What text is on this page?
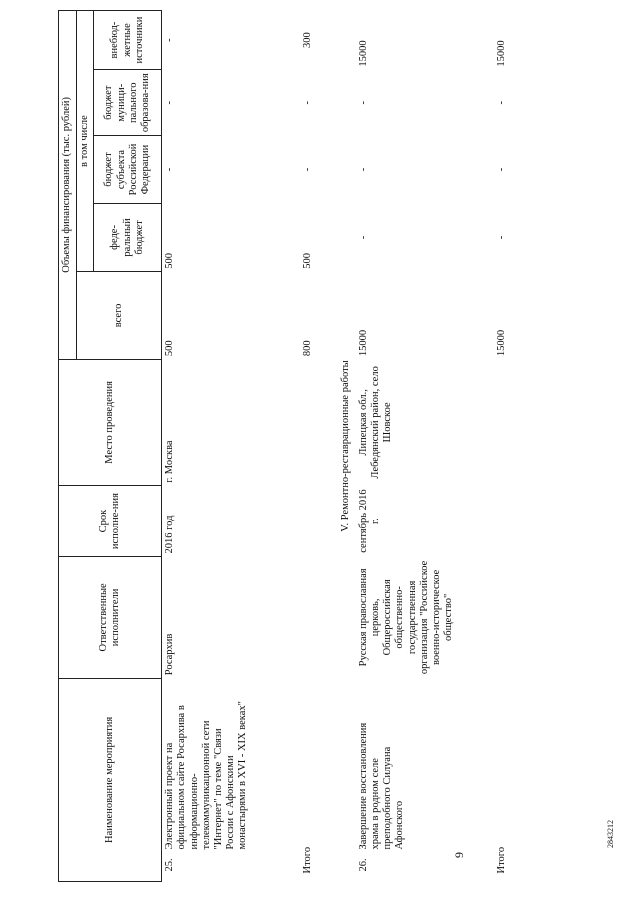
9
Наименование мероприятия	Ответственные исполнители	Срок исполне-ния	Место проведения	Объемы финансирования (тыс. рублей)				
				всего	в том числе			
					феде-ральный бюджет	бюджет субъекта Российской Федерации	бюджет муници-пального образова-ния	внебюд-жетные источники
25.Электронный проект на официальном сайте Росархива в информационно-телекоммуникационной сети "Интернет" по теме "Связи России с Афонскими монастырями в XVI - XIX веках"	Росархив	2016 год	г. Москва	500	500	-	-	-
Итого				800	500	-	-	300
V. Ремонтно-реставрационные работы								
26.Завершение восстановления храма в родном селе преподобного Силуана Афонского	Русская православная церковь, Общероссийская общественно-государственная организация "Российское военно-историческое общество"	сентябрь 2016 г.	Липецкая обл., Лебедянский район, село Шовское	15000	-	-	-	15000
Итого				15000	-	-	-	15000
2843212
